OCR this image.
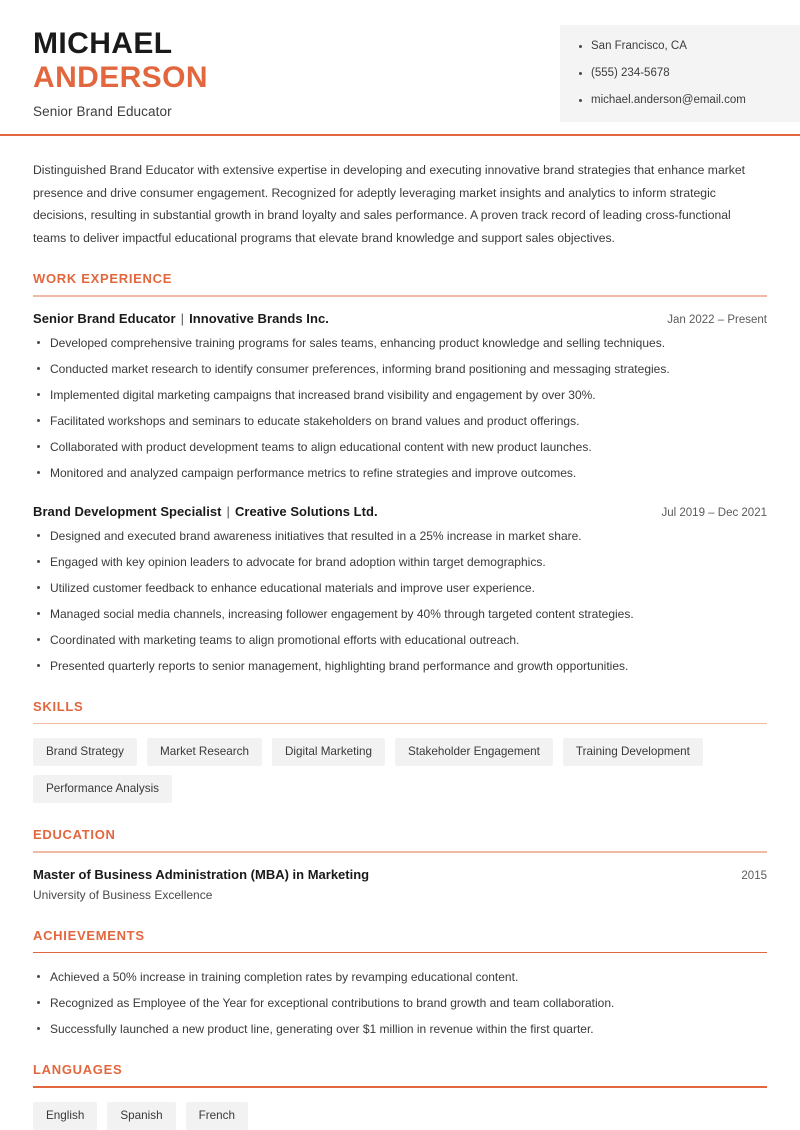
MICHAEL
ANDERSON
Senior Brand Educator
San Francisco, CA
(555) 234-5678
michael.anderson@email.com

Distinguished Brand Educator with extensive expertise in developing and executing innovative brand strategies that enhance market presence and drive consumer engagement. Recognized for adeptly leveraging market insights and analytics to inform strategic decisions, resulting in substantial growth in brand loyalty and sales performance. A proven track record of leading cross-functional teams to deliver impactful educational programs that elevate brand knowledge and support sales objectives.

WORK EXPERIENCE
Senior Brand Educator | Innovative Brands Inc.	Jan 2022 – Present
Developed comprehensive training programs for sales teams, enhancing product knowledge and selling techniques.
Conducted market research to identify consumer preferences, informing brand positioning and messaging strategies.
Implemented digital marketing campaigns that increased brand visibility and engagement by over 30%.
Facilitated workshops and seminars to educate stakeholders on brand values and product offerings.
Collaborated with product development teams to align educational content with new product launches.
Monitored and analyzed campaign performance metrics to refine strategies and improve outcomes.
Brand Development Specialist | Creative Solutions Ltd.	Jul 2019 – Dec 2021
Designed and executed brand awareness initiatives that resulted in a 25% increase in market share.
Engaged with key opinion leaders to advocate for brand adoption within target demographics.
Utilized customer feedback to enhance educational materials and improve user experience.
Managed social media channels, increasing follower engagement by 40% through targeted content strategies.
Coordinated with marketing teams to align promotional efforts with educational outreach.
Presented quarterly reports to senior management, highlighting brand performance and growth opportunities.
SKILLS
Brand Strategy	Market Research	Digital Marketing	Stakeholder Engagement	Training Development
Performance Analysis
EDUCATION
Master of Business Administration (MBA) in Marketing	2015
University of Business Excellence
ACHIEVEMENTS
Achieved a 50% increase in training completion rates by revamping educational content.
Recognized as Employee of the Year for exceptional contributions to brand growth and team collaboration.
Successfully launched a new product line, generating over $1 million in revenue within the first quarter.
LANGUAGES
English	Spanish	French
